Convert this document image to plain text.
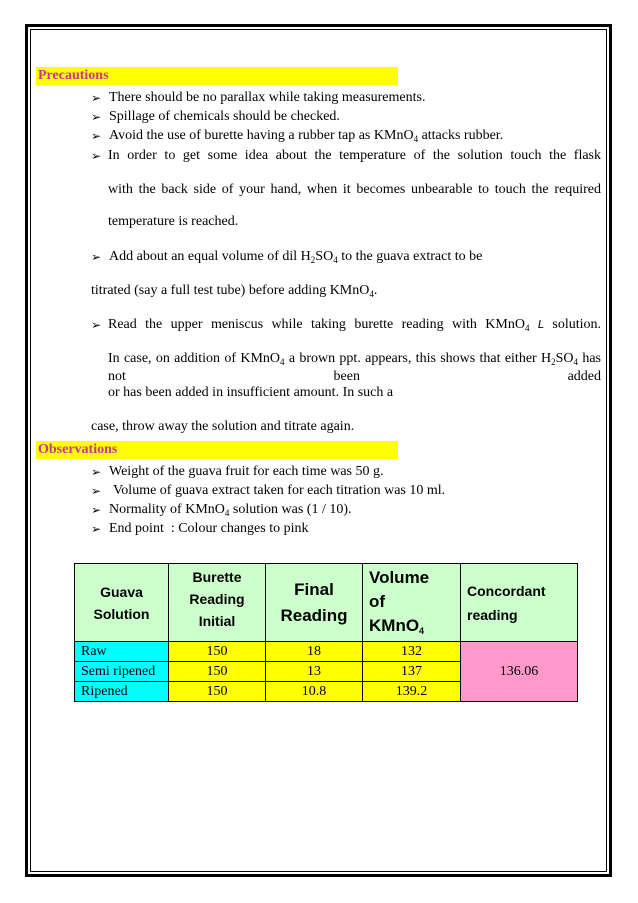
Precautions
➢ There should be no parallax while taking measurements.
➢ Spillage of chemicals should be checked.
➢ Avoid the use of burette having a rubber tap as KMnO$_4$ attacks rubber.
➢ In order to get some idea about the temperature of the solution touch the flask
with the back side of your hand, when it becomes unbearable to touch the required
temperature is reached.
➢ Add about an equal volume of dil $H_2SO_4$ to the guava extract to be
titrated (say a full test tube) before adding KMnO$_4$.
➢ Read the upper meniscus while taking burette reading with KMnO$_4$ L solution.
In case, on addition of KMnO$_4$ a brown ppt. appears, this shows that either $H_2SO_4$ has not been added
or has been added in insufficient amount. In such a
case, throw away the solution and titrate again.
Observations
➢ Weight of the guava fruit for each time was 50 g.
➢ Volume of guava extract taken for each titration was 10 ml.
➢ Normality of KMnO$_4$ solution was (1 / 10).
➢ End point  : Colour changes to pink
Guava Solution	Burette Reading Initial	Final Reading	Volume
of
KMnO$_4$	Concordant reading
Raw	150	18	132	136.06
Semi ripened	150	13	137	
Ripened	150	10.8	139.2	
